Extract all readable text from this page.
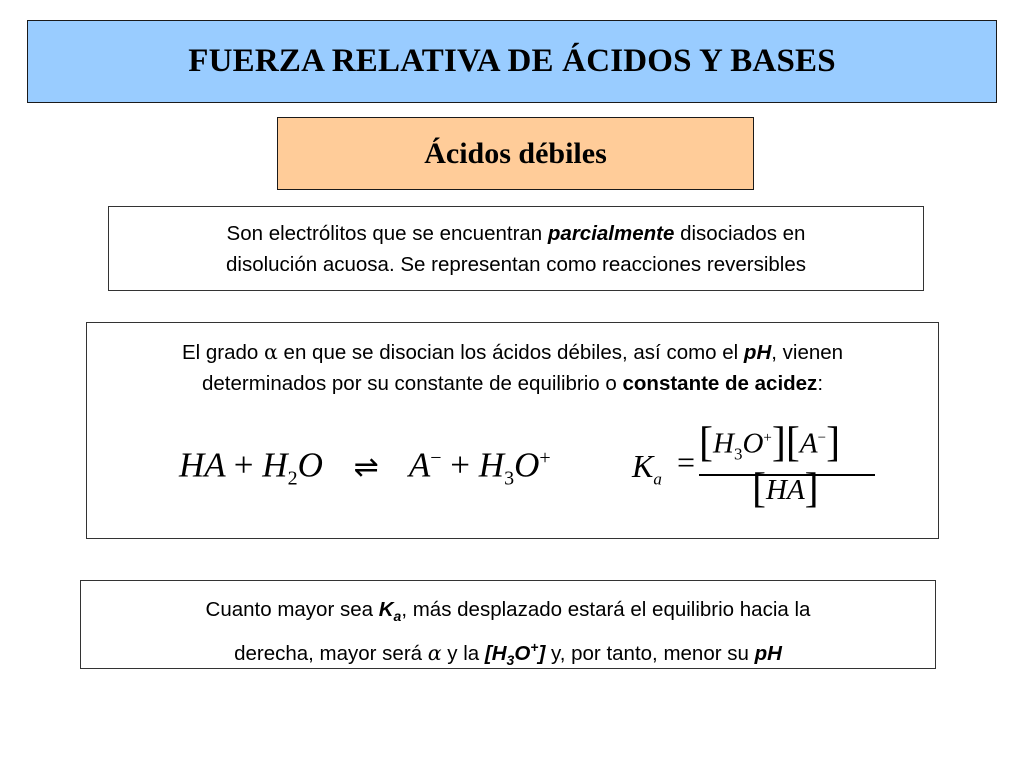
FUERZA RELATIVA DE ÁCIDOS Y BASES
Ácidos débiles
Son electrólitos que se encuentran parcialmente disociados en
disolución acuosa. Se representan como reacciones reversibles
El grado α en que se disocian los ácidos débiles, así como el pH, vienen
determinados por su constante de equilibrio o constante de acidez:
HA + $H_2O$ ⇌ $A^- + H_3O^+$	$K_a = [H_3O^+][A^-]$
[HA]
Cuanto mayor sea $K_a$, más desplazado estará el equilibrio hacia la
derecha, mayor será α y la $[H_3O^+]$ y, por tanto, menor su pH
